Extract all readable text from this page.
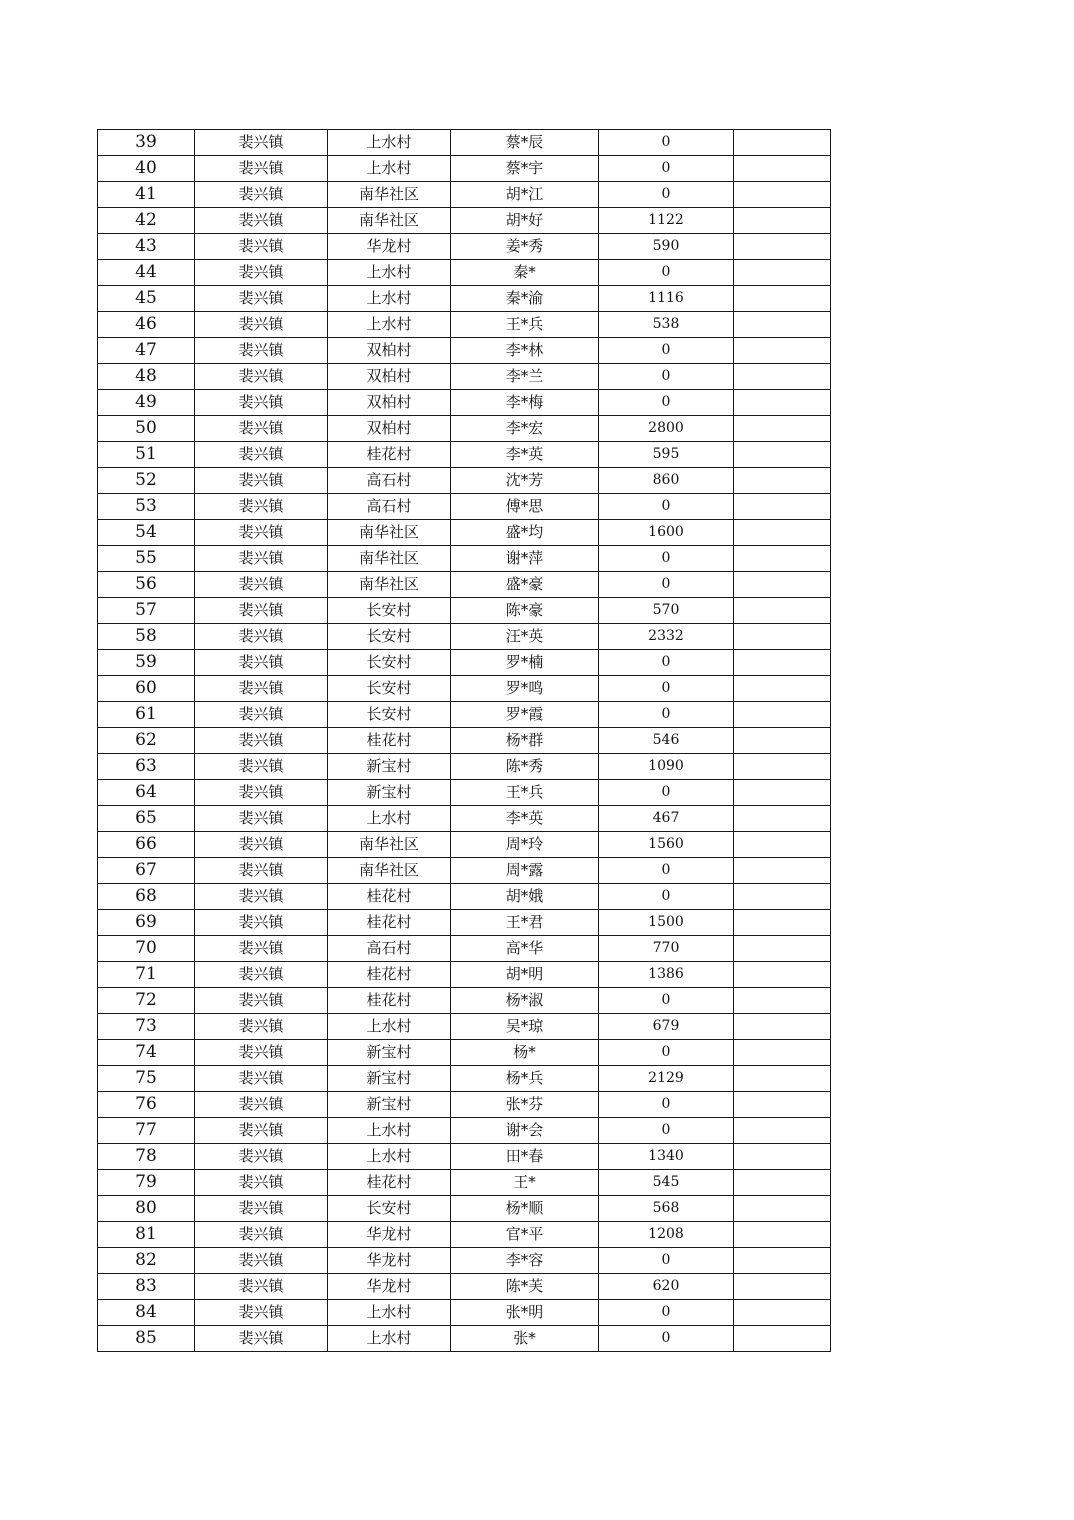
39	裴兴镇	上水村	蔡*辰	0	
40	裴兴镇	上水村	蔡*宇	0	
41	裴兴镇	南华社区	胡*江	0	
42	裴兴镇	南华社区	胡*好	1122	
43	裴兴镇	华龙村	姜*秀	590	
44	裴兴镇	上水村	秦*	0	
45	裴兴镇	上水村	秦*渝	1116	
46	裴兴镇	上水村	王*兵	538	
47	裴兴镇	双柏村	李*林	0	
48	裴兴镇	双柏村	李*兰	0	
49	裴兴镇	双柏村	李*梅	0	
50	裴兴镇	双柏村	李*宏	2800	
51	裴兴镇	桂花村	李*英	595	
52	裴兴镇	高石村	沈*芳	860	
53	裴兴镇	高石村	傅*思	0	
54	裴兴镇	南华社区	盛*均	1600	
55	裴兴镇	南华社区	谢*萍	0	
56	裴兴镇	南华社区	盛*豪	0	
57	裴兴镇	长安村	陈*豪	570	
58	裴兴镇	长安村	汪*英	2332	
59	裴兴镇	长安村	罗*楠	0	
60	裴兴镇	长安村	罗*鸣	0	
61	裴兴镇	长安村	罗*霞	0	
62	裴兴镇	桂花村	杨*群	546	
63	裴兴镇	新宝村	陈*秀	1090	
64	裴兴镇	新宝村	王*兵	0	
65	裴兴镇	上水村	李*英	467	
66	裴兴镇	南华社区	周*玲	1560	
67	裴兴镇	南华社区	周*露	0	
68	裴兴镇	桂花村	胡*娥	0	
69	裴兴镇	桂花村	王*君	1500	
70	裴兴镇	高石村	高*华	770	
71	裴兴镇	桂花村	胡*明	1386	
72	裴兴镇	桂花村	杨*淑	0	
73	裴兴镇	上水村	吴*琼	679	
74	裴兴镇	新宝村	杨*	0	
75	裴兴镇	新宝村	杨*兵	2129	
76	裴兴镇	新宝村	张*芬	0	
77	裴兴镇	上水村	谢*会	0	
78	裴兴镇	上水村	田*春	1340	
79	裴兴镇	桂花村	王*	545	
80	裴兴镇	长安村	杨*顺	568	
81	裴兴镇	华龙村	官*平	1208	
82	裴兴镇	华龙村	李*容	0	
83	裴兴镇	华龙村	陈*芙	620	
84	裴兴镇	上水村	张*明	0	
85	裴兴镇	上水村	张*	0	
